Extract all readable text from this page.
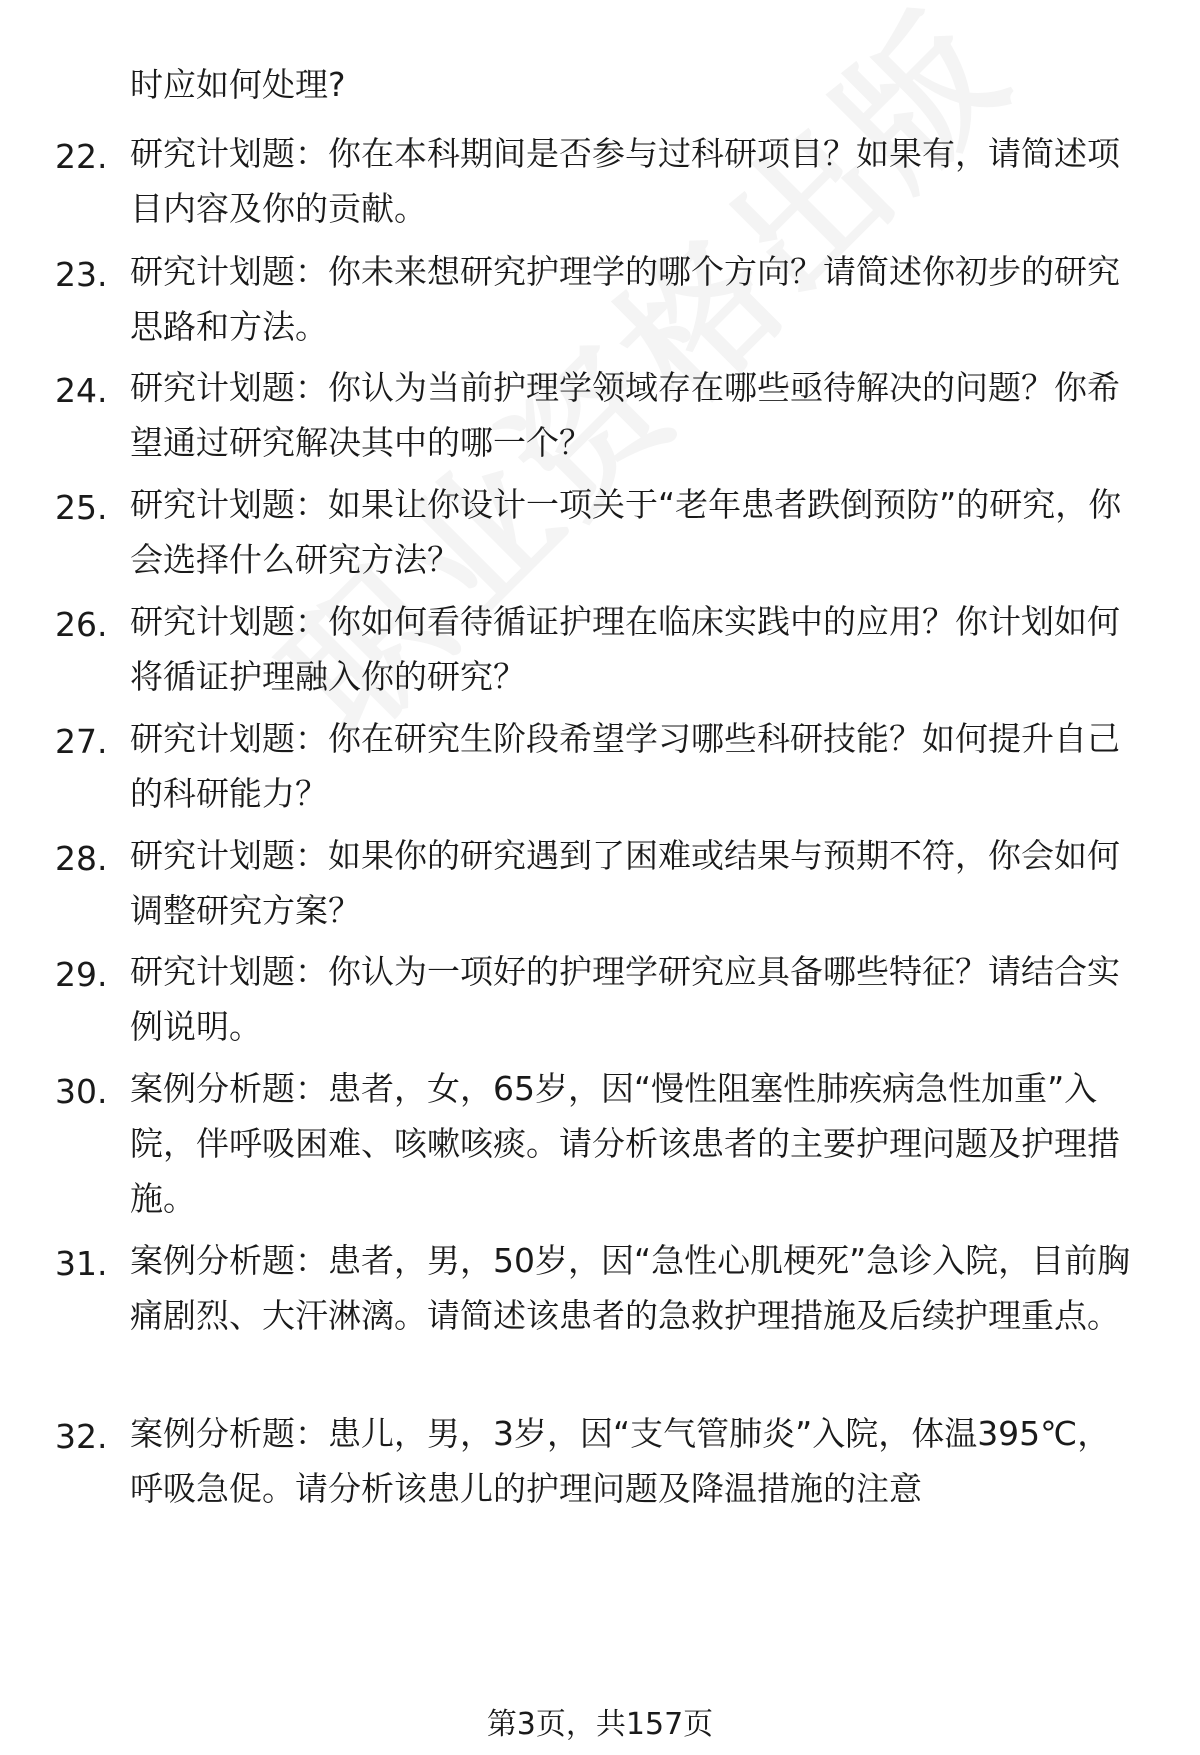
时应如何处理?

22. 研究计划题：你在本科期间是否参与过科研项目？如果有，请简述项目内容及你的贡献。

23. 研究计划题：你未来想研究护理学的哪个方向？请简述你初步的研究思路和方法。

24. 研究计划题：你认为当前护理学领域存在哪些亟待解决的问题？你希望通过研究解决其中的哪一个？

25. 研究计划题：如果让你设计一项关于“老年患者跌倒预防”的研究，你会选择什么研究方法？

26. 研究计划题：你如何看待循证护理在临床实践中的应用？你计划如何将循证护理融入你的研究？

27. 研究计划题：你在研究生阶段希望学习哪些科研技能？如何提升自己的科研能力？

28. 研究计划题：如果你的研究遇到了困难或结果与预期不符，你会如何调整研究方案？

29. 研究计划题：你认为一项好的护理学研究应具备哪些特征？请结合实例说明。

30. 案例分析题：患者，女，65岁，因“慢性阻塞性肺疾病急性加重”入院，伴呼吸困难、咳嗽咳痰。请分析该患者的主要护理问题及护理措施。

31. 案例分析题：患者，男，50岁，因“急性心肌梗死”急诊入院，目前胸痛剧烈、大汗淋漓。请简述该患者的急救护理措施及后续护理重点。

32. 案例分析题：患儿，男，3岁，因“支气管肺炎”入院，体温395℃，呼吸急促。请分析该患儿的护理问题及降温措施的注意

第3页，共157页
